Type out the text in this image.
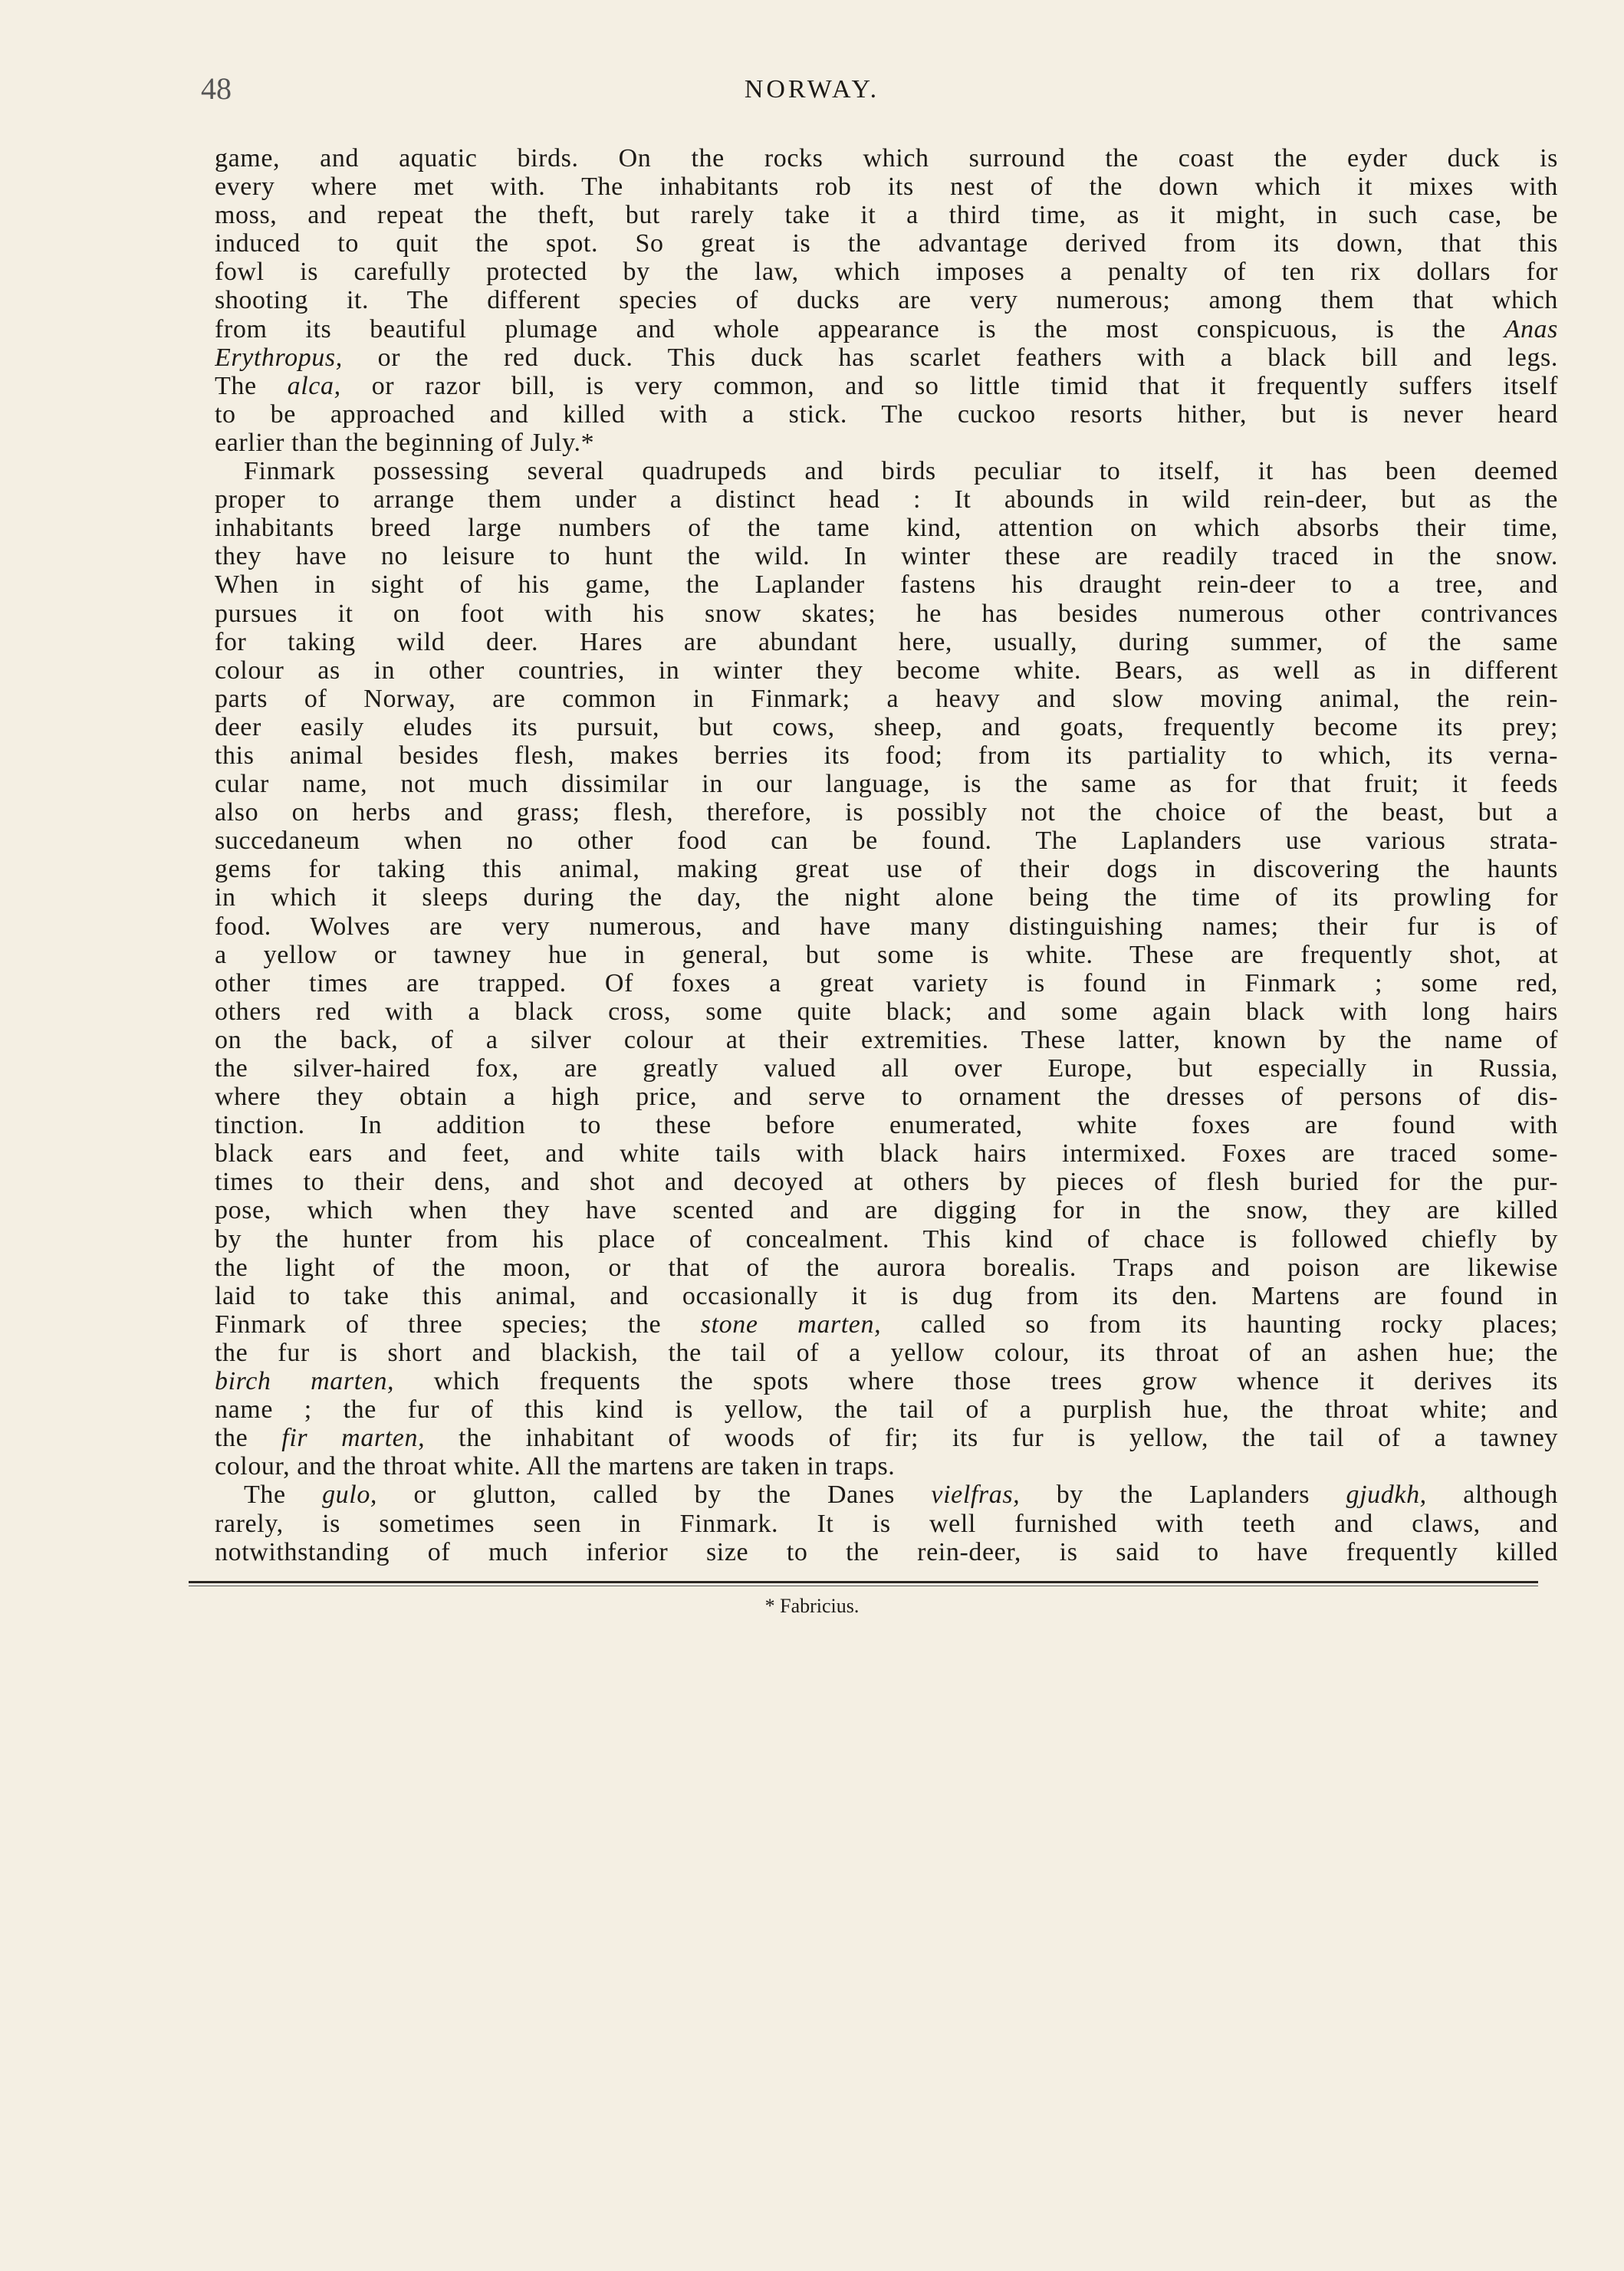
48	NORWAY.
game, and aquatic birds. On the rocks which surround the coast the eyder duck is
every where met with. The inhabitants rob its nest of the down which it mixes with
moss, and repeat the theft, but rarely take it a third time, as it might, in such case, be
induced to quit the spot. So great is the advantage derived from its down, that this
fowl is carefully protected by the law, which imposes a penalty of ten rix dollars for
shooting it. The different species of ducks are very numerous; among them that which
from its beautiful plumage and whole appearance is the most conspicuous, is the Anas
Erythropus, or the red duck. This duck has scarlet feathers with a black bill and legs.
The alca, or razor bill, is very common, and so little timid that it frequently suffers itself
to be approached and killed with a stick. The cuckoo resorts hither, but is never heard
earlier than the beginning of July.*
Finmark possessing several quadrupeds and birds peculiar to itself, it has been deemed
proper to arrange them under a distinct head : It abounds in wild rein-deer, but as the
inhabitants breed large numbers of the tame kind, attention on which absorbs their time,
they have no leisure to hunt the wild. In winter these are readily traced in the snow.
When in sight of his game, the Laplander fastens his draught rein-deer to a tree, and
pursues it on foot with his snow skates; he has besides numerous other contrivances
for taking wild deer. Hares are abundant here, usually, during summer, of the same
colour as in other countries, in winter they become white. Bears, as well as in different
parts of Norway, are common in Finmark; a heavy and slow moving animal, the rein-
deer easily eludes its pursuit, but cows, sheep, and goats, frequently become its prey;
this animal besides flesh, makes berries its food; from its partiality to which, its verna-
cular name, not much dissimilar in our language, is the same as for that fruit; it feeds
also on herbs and grass; flesh, therefore, is possibly not the choice of the beast, but a
succedaneum when no other food can be found. The Laplanders use various strata-
gems for taking this animal, making great use of their dogs in discovering the haunts
in which it sleeps during the day, the night alone being the time of its prowling for
food. Wolves are very numerous, and have many distinguishing names; their fur is of
a yellow or tawney hue in general, but some is white. These are frequently shot, at
other times are trapped. Of foxes a great variety is found in Finmark ; some red,
others red with a black cross, some quite black; and some again black with long hairs
on the back, of a silver colour at their extremities. These latter, known by the name of
the silver-haired fox, are greatly valued all over Europe, but especially in Russia,
where they obtain a high price, and serve to ornament the dresses of persons of dis-
tinction. In addition to these before enumerated, white foxes are found with
black ears and feet, and white tails with black hairs intermixed. Foxes are traced some-
times to their dens, and shot and decoyed at others by pieces of flesh buried for the pur-
pose, which when they have scented and are digging for in the snow, they are killed
by the hunter from his place of concealment. This kind of chace is followed chiefly by
the light of the moon, or that of the aurora borealis. Traps and poison are likewise
laid to take this animal, and occasionally it is dug from its den. Martens are found in
Finmark of three species; the stone marten, called so from its haunting rocky places;
the fur is short and blackish, the tail of a yellow colour, its throat of an ashen hue; the
birch marten, which frequents the spots where those trees grow whence it derives its
name ; the fur of this kind is yellow, the tail of a purplish hue, the throat white; and
the fir marten, the inhabitant of woods of fir; its fur is yellow, the tail of a tawney
colour, and the throat white. All the martens are taken in traps.
The gulo, or glutton, called by the Danes vielfras, by the Laplanders gjudkh, although
rarely, is sometimes seen in Finmark. It is well furnished with teeth and claws, and
notwithstanding of much inferior size to the rein-deer, is said to have frequently killed
* Fabricius.
